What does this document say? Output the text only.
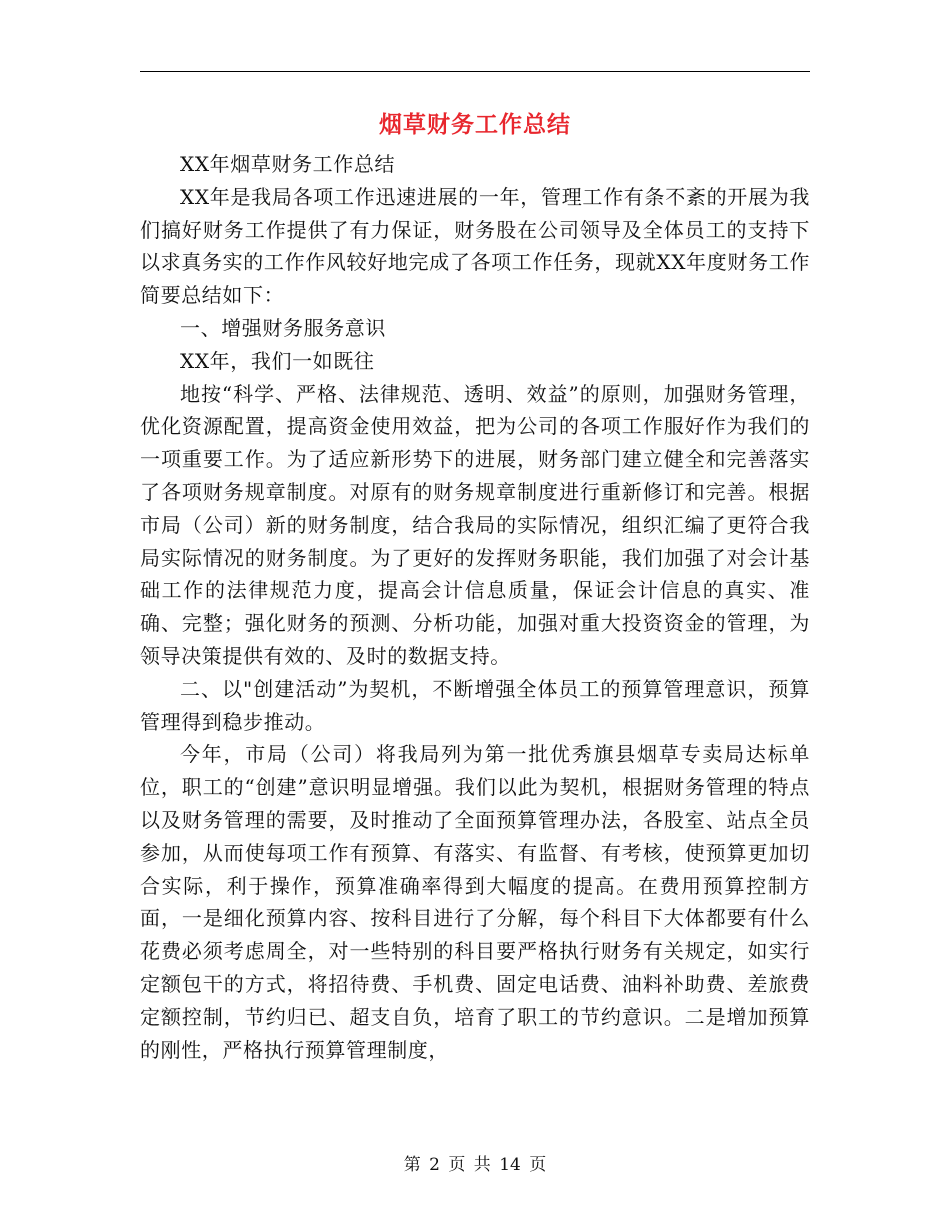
烟草财务工作总结

XX年烟草财务工作总结

XX年是我局各项工作迅速进展的一年，管理工作有条不紊的开展为我们搞好财务工作提供了有力保证，财务股在公司领导及全体员工的支持下以求真务实的工作作风较好地完成了各项工作任务，现就XX年度财务工作简要总结如下：

一、增强财务服务意识

XX年，我们一如既往

地按“科学、严格、法律规范、透明、效益”的原则，加强财务管理，优化资源配置，提高资金使用效益，把为公司的各项工作服好作为我们的一项重要工作。为了适应新形势下的进展，财务部门建立健全和完善落实了各项财务规章制度。对原有的财务规章制度进行重新修订和完善。根据市局（公司）新的财务制度，结合我局的实际情况，组织汇编了更符合我局实际情况的财务制度。为了更好的发挥财务职能，我们加强了对会计基础工作的法律规范力度，提高会计信息质量，保证会计信息的真实、准确、完整；强化财务的预测、分析功能，加强对重大投资资金的管理，为领导决策提供有效的、及时的数据支持。

二、以"创建活动”为契机，不断增强全体员工的预算管理意识，预算管理得到稳步推动。

今年，市局（公司）将我局列为第一批优秀旗县烟草专卖局达标单位，职工的“创建”意识明显增强。我们以此为契机，根据财务管理的特点以及财务管理的需要，及时推动了全面预算管理办法，各股室、站点全员参加，从而使每项工作有预算、有落实、有监督、有考核，使预算更加切合实际，利于操作，预算准确率得到大幅度的提高。在费用预算控制方面，一是细化预算内容、按科目进行了分解，每个科目下大体都要有什么花费必须考虑周全，对一些特别的科目要严格执行财务有关规定，如实行定额包干的方式，将招待费、手机费、固定电话费、油料补助费、差旅费定额控制，节约归已、超支自负，培育了职工的节约意识。二是增加预算的刚性，严格执行预算管理制度，

第 2 页 共 14 页
